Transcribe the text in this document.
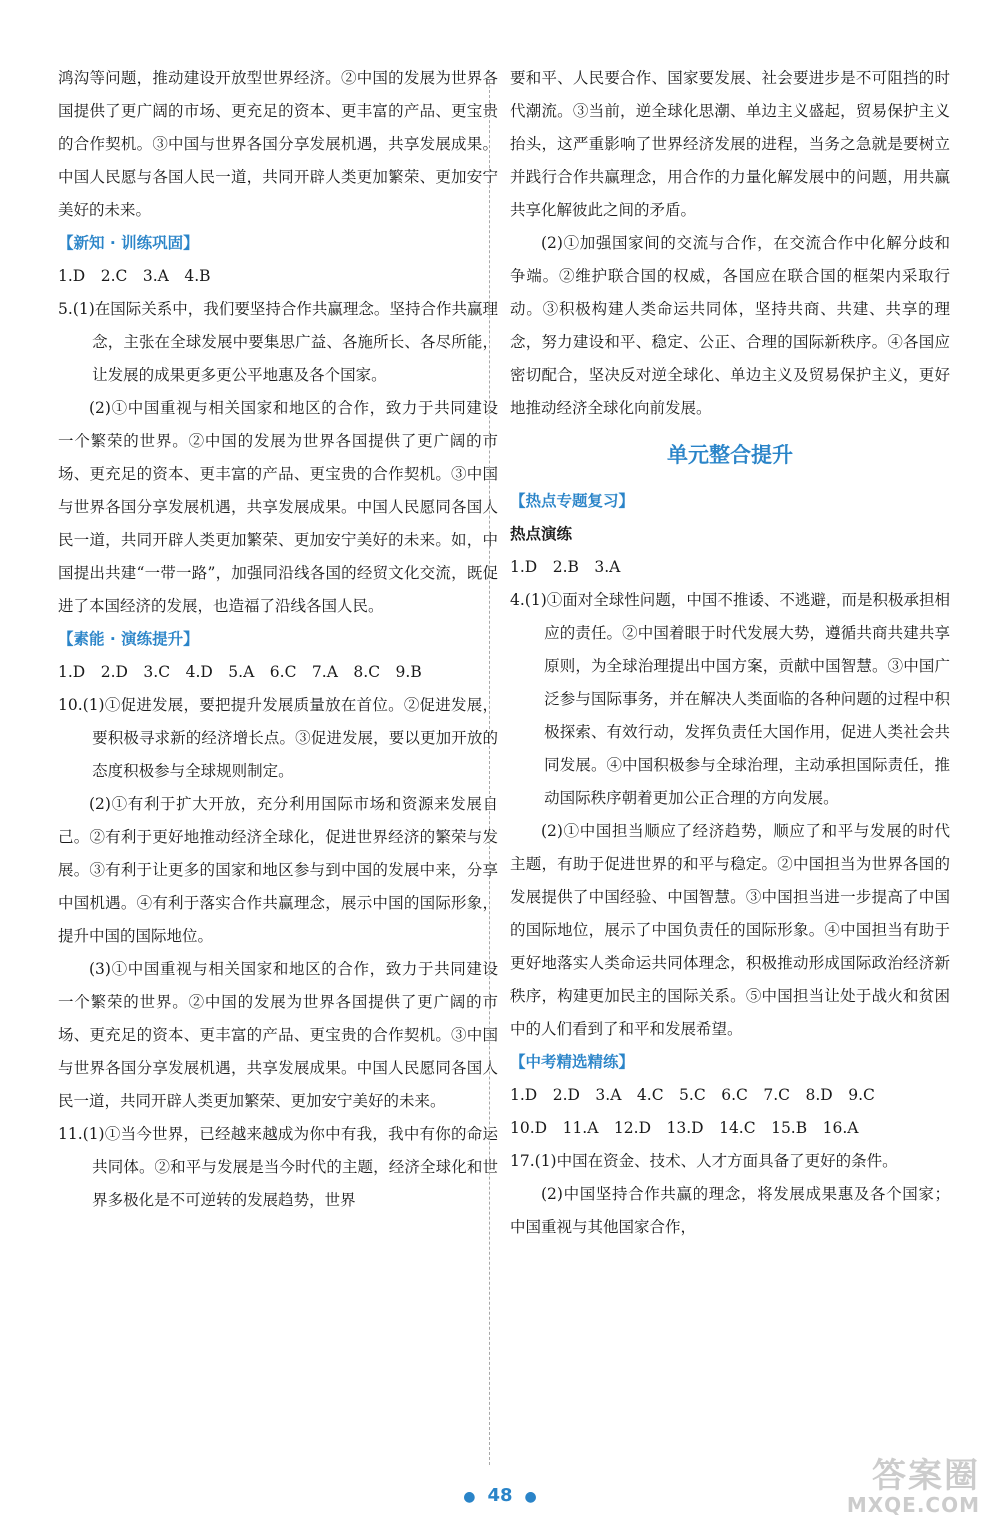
鸿沟等问题，推动建设开放型世界经济。②中国的发展为世界各国提供了更广阔的市场、更充足的资本、更丰富的产品、更宝贵的合作契机。③中国与世界各国分享发展机遇，共享发展成果。中国人民愿与各国人民一道，共同开辟人类更加繁荣、更加安宁美好的未来。
【新知 · 训练巩固】
1.D　2.C　3.A　4.B
5.(1)在国际关系中，我们要坚持合作共赢理念。坚持合作共赢理念，主张在全球发展中要集思广益、各施所长、各尽所能，让发展的成果更多更公平地惠及各个国家。
(2)①中国重视与相关国家和地区的合作，致力于共同建设一个繁荣的世界。②中国的发展为世界各国提供了更广阔的市场、更充足的资本、更丰富的产品、更宝贵的合作契机。③中国与世界各国分享发展机遇，共享发展成果。中国人民愿同各国人民一道，共同开辟人类更加繁荣、更加安宁美好的未来。如，中国提出共建“一带一路”，加强同沿线各国的经贸文化交流，既促进了本国经济的发展，也造福了沿线各国人民。
【素能 · 演练提升】
1.D　2.D　3.C　4.D　5.A　6.C　7.A　8.C　9.B
10.(1)①促进发展，要把提升发展质量放在首位。②促进发展，要积极寻求新的经济增长点。③促进发展，要以更加开放的态度积极参与全球规则制定。
(2)①有利于扩大开放，充分利用国际市场和资源来发展自己。②有利于更好地推动经济全球化，促进世界经济的繁荣与发展。③有利于让更多的国家和地区参与到中国的发展中来，分享中国机遇。④有利于落实合作共赢理念，展示中国的国际形象，提升中国的国际地位。
(3)①中国重视与相关国家和地区的合作，致力于共同建设一个繁荣的世界。②中国的发展为世界各国提供了更广阔的市场、更充足的资本、更丰富的产品、更宝贵的合作契机。③中国与世界各国分享发展机遇，共享发展成果。中国人民愿同各国人民一道，共同开辟人类更加繁荣、更加安宁美好的未来。
11.(1)①当今世界，已经越来越成为你中有我，我中有你的命运共同体。②和平与发展是当今时代的主题，经济全球化和世界多极化是不可逆转的发展趋势，世界
要和平、人民要合作、国家要发展、社会要进步是不可阻挡的时代潮流。③当前，逆全球化思潮、单边主义盛起，贸易保护主义抬头，这严重影响了世界经济发展的进程，当务之急就是要树立并践行合作共赢理念，用合作的力量化解发展中的问题，用共赢共享化解彼此之间的矛盾。
(2)①加强国家间的交流与合作，在交流合作中化解分歧和争端。②维护联合国的权威，各国应在联合国的框架内采取行动。③积极构建人类命运共同体，坚持共商、共建、共享的理念，努力建设和平、稳定、公正、合理的国际新秩序。④各国应密切配合，坚决反对逆全球化、单边主义及贸易保护主义，更好地推动经济全球化向前发展。
单元整合提升
【热点专题复习】
热点演练
1.D　2.B　3.A
4.(1)①面对全球性问题，中国不推诿、不逃避，而是积极承担相应的责任。②中国着眼于时代发展大势，遵循共商共建共享原则，为全球治理提出中国方案，贡献中国智慧。③中国广泛参与国际事务，并在解决人类面临的各种问题的过程中积极探索、有效行动，发挥负责任大国作用，促进人类社会共同发展。④中国积极参与全球治理，主动承担国际责任，推动国际秩序朝着更加公正合理的方向发展。
(2)①中国担当顺应了经济趋势，顺应了和平与发展的时代主题，有助于促进世界的和平与稳定。②中国担当为世界各国的发展提供了中国经验、中国智慧。③中国担当进一步提高了中国的国际地位，展示了中国负责任的国际形象。④中国担当有助于更好地落实人类命运共同体理念，积极推动形成国际政治经济新秩序，构建更加民主的国际关系。⑤中国担当让处于战火和贫困中的人们看到了和平和发展希望。
【中考精选精练】
1.D　2.D　3.A　4.C　5.C　6.C　7.C　8.D　9.C
10.D　11.A　12.D　13.D　14.C　15.B　16.A
17.(1)中国在资金、技术、人才方面具备了更好的条件。
(2)中国坚持合作共赢的理念，将发展成果惠及各个国家；中国重视与其他国家合作，
● 48 ●
答案圈
MXQE.COM
